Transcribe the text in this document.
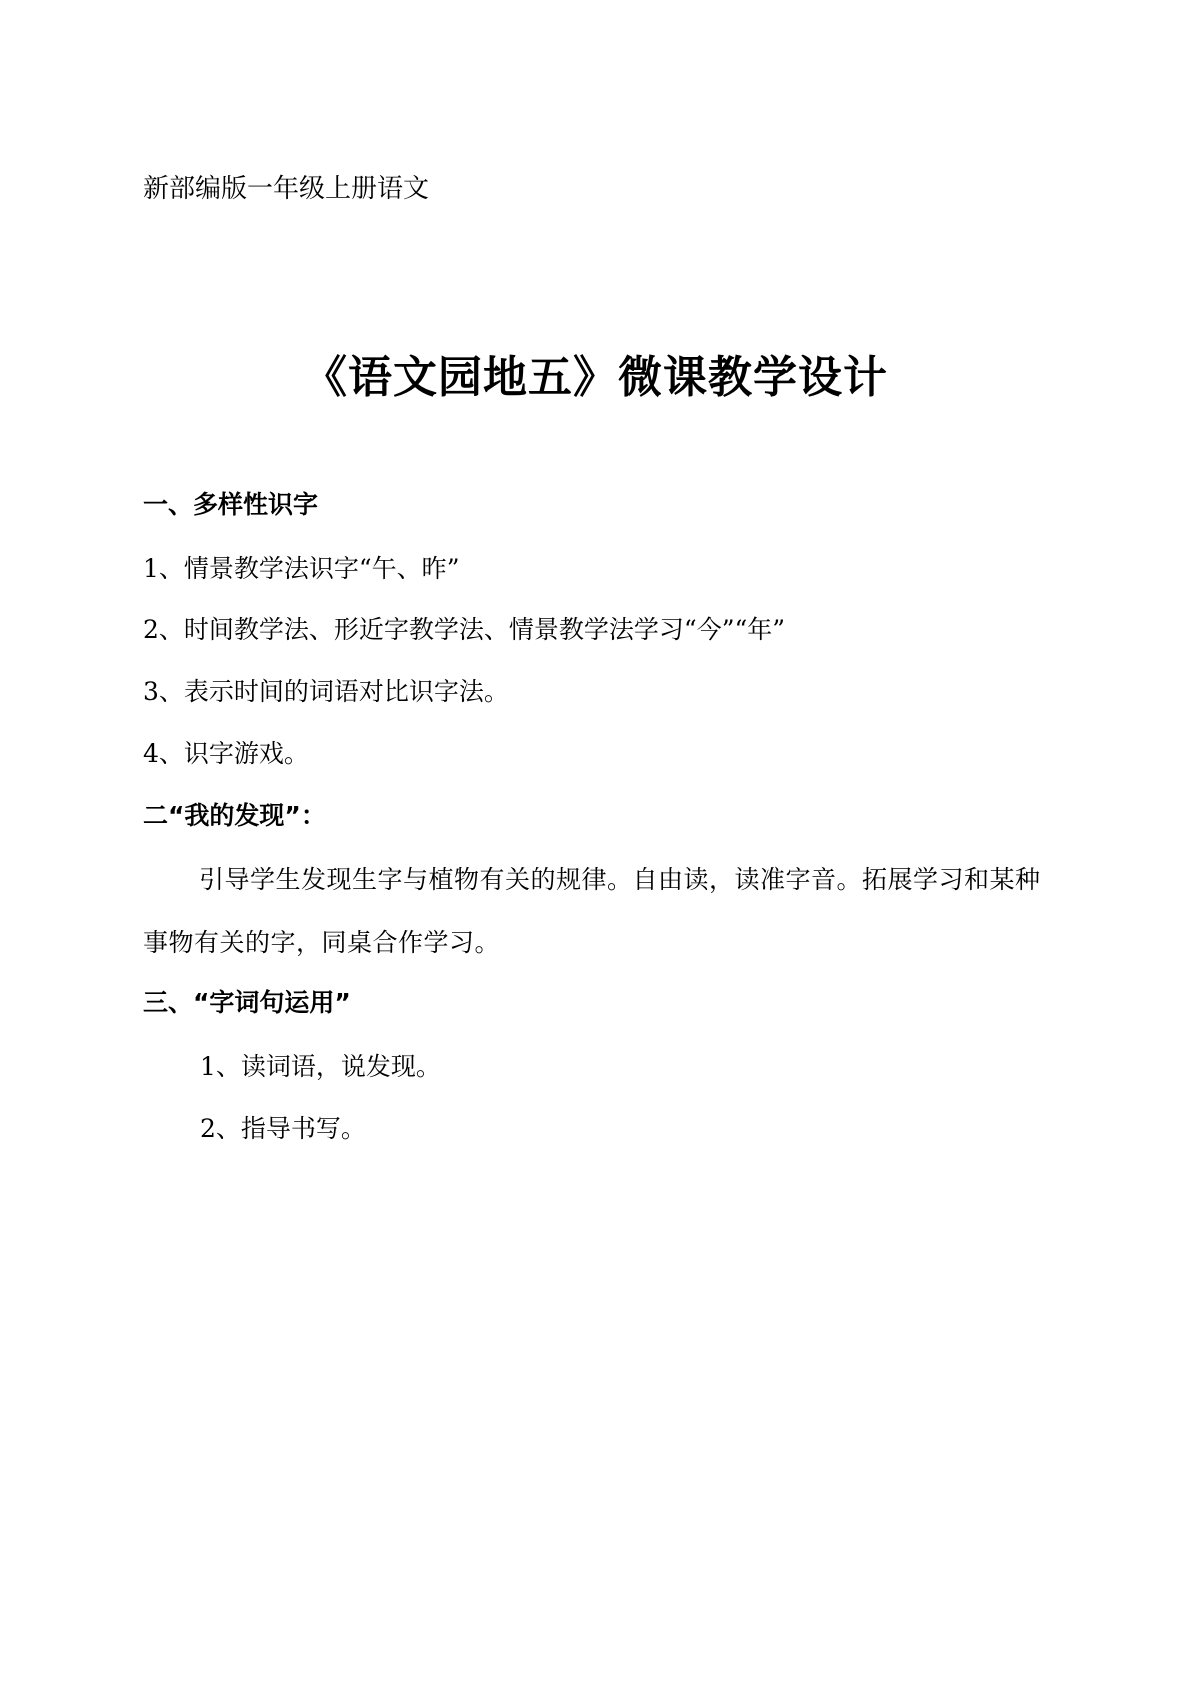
新部编版一年级上册语文
《语文园地五》微课教学设计
一、多样性识字
1、情景教学法识字“午、昨”
2、时间教学法、形近字教学法、情景教学法学习“今”“年”
3、表示时间的词语对比识字法。
4、识字游戏。
二“我的发现”：
引导学生发现生字与植物有关的规律。自由读，读准字音。拓展学习和某种事物有关的字，同桌合作学习。
三、“字词句运用”
1、读词语，说发现。
2、指导书写。
